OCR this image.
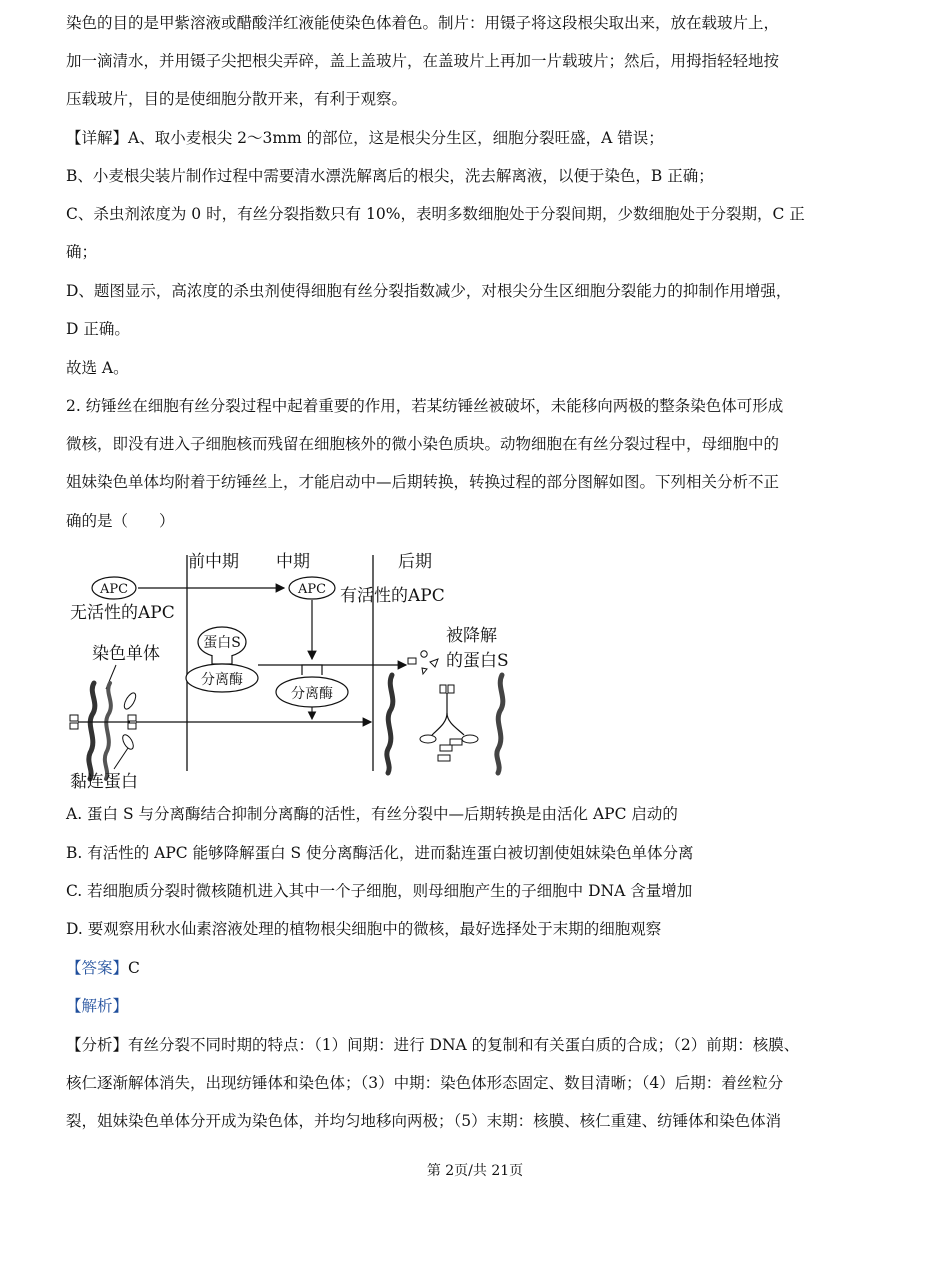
染色的目的是甲紫溶液或醋酸洋红液能使染色体着色。制片：用镊子将这段根尖取出来，放在载玻片上，
加一滴清水，并用镊子尖把根尖弄碎，盖上盖玻片，在盖玻片上再加一片载玻片；然后，用拇指轻轻地按
压载玻片，目的是使细胞分散开来，有利于观察。
【详解】A、取小麦根尖 2～3mm 的部位，这是根尖分生区，细胞分裂旺盛，A 错误；
B、小麦根尖装片制作过程中需要清水漂洗解离后的根尖，洗去解离液，以便于染色，B 正确；
C、杀虫剂浓度为 0 时，有丝分裂指数只有 10%，表明多数细胞处于分裂间期，少数细胞处于分裂期，C 正
确；
D、题图显示，高浓度的杀虫剂使得细胞有丝分裂指数减少，对根尖分生区细胞分裂能力的抑制作用增强，
D 正确。
故选 A。
2. 纺锤丝在细胞有丝分裂过程中起着重要的作用，若某纺锤丝被破坏，未能移向两极的整条染色体可形成
微核，即没有进入子细胞核而残留在细胞核外的微小染色质块。动物细胞在有丝分裂过程中，母细胞中的
姐妹染色单体均附着于纺锤丝上，才能启动中—后期转换，转换过程的部分图解如图。下列相关分析不正
确的是（　　）
前中期 中期	后期
APC
无活性的APC
APC 有活性的APC
蛋白S
分离酶
分离酶
被降解
的蛋白S
染色单体
黏连蛋白
A. 蛋白 S 与分离酶结合抑制分离酶的活性，有丝分裂中—后期转换是由活化 APC 启动的
B. 有活性的 APC 能够降解蛋白 S 使分离酶活化，进而黏连蛋白被切割使姐妹染色单体分离
C. 若细胞质分裂时微核随机进入其中一个子细胞，则母细胞产生的子细胞中 DNA 含量增加
D. 要观察用秋水仙素溶液处理的植物根尖细胞中的微核，最好选择处于末期的细胞观察
【答案】C
【解析】
【分析】有丝分裂不同时期的特点：（1）间期：进行 DNA 的复制和有关蛋白质的合成；（2）前期：核膜、
核仁逐渐解体消失，出现纺锤体和染色体；（3）中期：染色体形态固定、数目清晰；（4）后期：着丝粒分
裂，姐妹染色单体分开成为染色体，并均匀地移向两极；（5）末期：核膜、核仁重建、纺锤体和染色体消
第 2页/共 21页
